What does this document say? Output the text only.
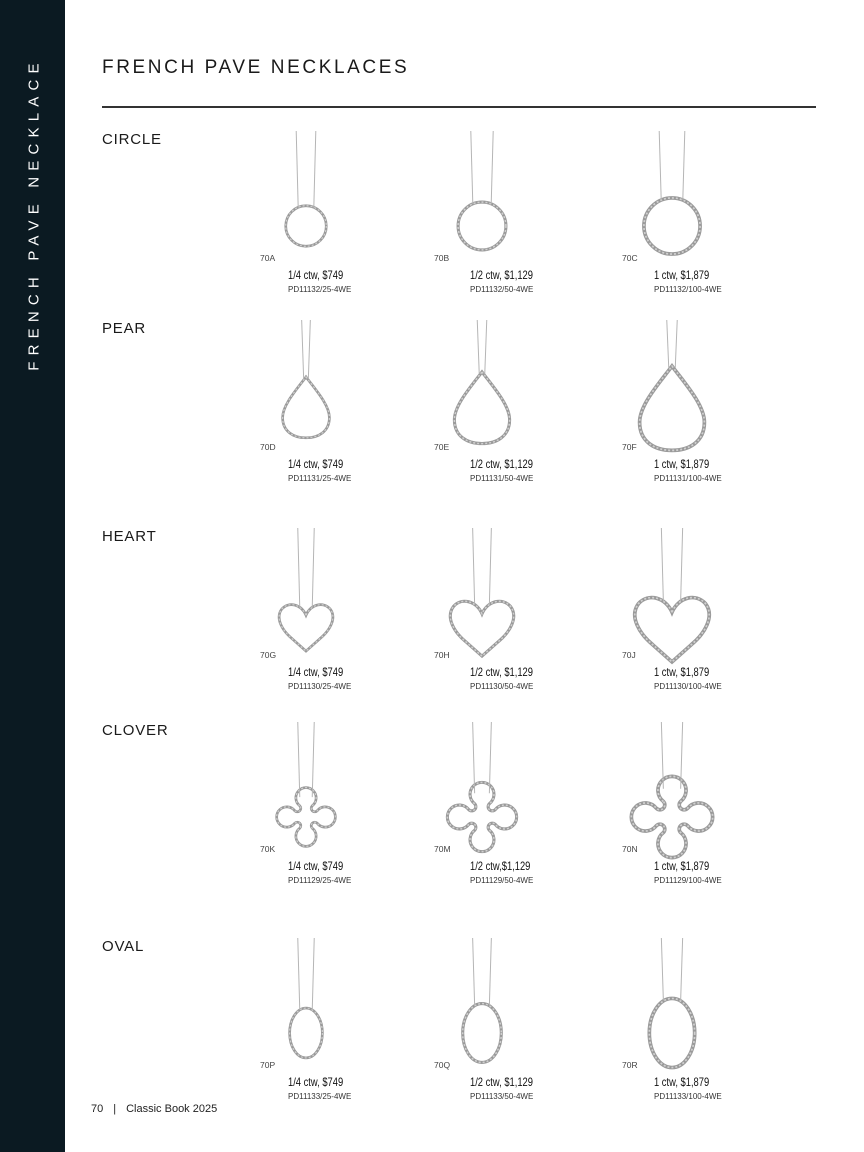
FRENCH PAVE NECKLACE	FRENCH PAVE NECKLACES
CIRCLE
70A
1/4 ctw, $749
PD11132/25-4WE
70B
1/2 ctw, $1,129
PD11132/50-4WE
70C
1 ctw, $1,879
PD11132/100-4WE
PEAR
70D
1/4 ctw, $749
PD11131/25-4WE
70E
1/2 ctw, $1,129
PD11131/50-4WE
70F
1 ctw, $1,879
PD11131/100-4WE
HEART
70G
1/4 ctw, $749
PD11130/25-4WE
70H
1/2 ctw, $1,129
PD11130/50-4WE
70J
1 ctw, $1,879
PD11130/100-4WE
CLOVER
70K
1/4 ctw, $749
PD11129/25-4WE
70M
1/2 ctw,$1,129
PD11129/50-4WE
70N
1 ctw, $1,879
PD11129/100-4WE
OVAL
70P
1/4 ctw, $749
PD11133/25-4WE
70Q
1/2 ctw, $1,129
PD11133/50-4WE
70R
1 ctw, $1,879
PD11133/100-4WE
70 | Classic Book 2025
